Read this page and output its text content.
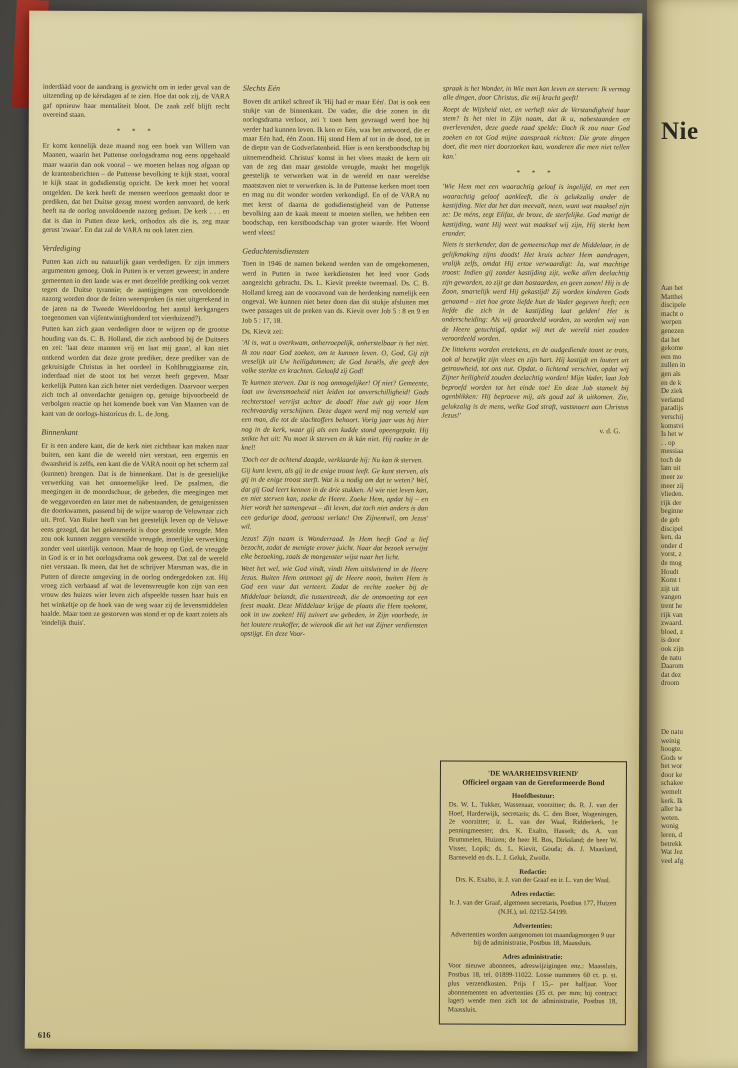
Nie
Aan het
Matthei
discipele
macht o
werpen
genezen
dat het
gekome
een mo
zullen in
gen als
en de k
De ziek
verlamd
paradijs
verschij
komstvi
Is het w
. . op
messiaa
toch de
lam uit
meer ze
meer zij
vlieden.
rijk der
beginne
de geb
discipel
ken, da
onder d
vorst, z
de mog
Houdt
Komt t
zijt uit
vangen
trent he
rijk van
zwaard.
bloed, z
is door
ook zijn
de natu
Daarom
dat dez
droom
De natu
weinig
hoogte.
Gods w
het wor
door ke
schakee
wemelt
kerk. Ik
aller ha
weten.
wonig
leren, d
betrekk
Wat Jez
veel afg

inderdáád voor de aandrang is gezwicht om in ieder geval van de uitzending op de kérsdagen af te zien. Hoe dat ook zij, de VARA gaf opnieuw haar mentaliteit bloot. De zaak zelf blijft recht overeind staan.

* * *

Er komt kennelijk deze maand nog een boek van Willem van Maanen, waarin het Puttense oorlogsdrama nog eens opgehaald maar waarin dan ook vooral – we moeten helaas nog afgaan op de krantenberichten – de Puttense bevolking te kijk staat, vooral te kijk staat in godsdienstig opzicht. De kerk moet het vooral ontgelden. De kerk heeft de mensen weerloos gemaakt door te prediken, dat het Duitse gezag moest worden aanvaard, de kerk heeft na de oorlog onvoldoende nazorg gedaan. De kerk . . . en dat is dan in Putten deze kerk, orthodox als die is, zeg maar gerust 'zwaar'. En dat zal de VARA nu ook laten zien.

Verdediging

Putten kan zich nu natuurlijk gaan verdedigen. Er zijn immers argumenten genoeg. Ook in Putten is er verzet geweest; in andere gemeenten in den lande was er met dezelfde prediking ook verzet tegen de Duitse tyrannie; de aantijgingen van onvoldoende nazorg worden door de feiten weersproken (is niet uitgerekend in de jaren na de Tweede Wereldoorlog het aantal kerkgangers toegenomen van vijfentwintighonderd tot vierduizend?).

Putten kan zich gaan verdedigen door te wijzen op de grootse houding van ds. C. B. Holland, die zich aanbood bij de Duitsers en zei: 'laat deze mannen vrij en laat mij gaan', al kan niet ontkend worden dat deze grote prediker, deze prediker van de gekruisigde Christus in het oordeel in Kohlbruggiaanse zin, inderdaad niet de stoot tot het verzet heeft gegeven. Maar kerkelijk Putten kan zich beter niet verdedigen. Daarvoor werpen zich toch al onverdachte getuigen op, getuige bijvoorbeeld de verbolgen reactie op het komende boek van Van Maanen van de kant van de oorlogs-historicus dr. L. de Jong.

Binnenkant

Er is een andere kant, die de kerk niet zichtbaar kan maken naar buiten, een kant die de wereld niet verstaat, een ergernis en dwaasheid is zelfs, een kant die de VARA nooit op het scherm zal (kunnen) brengen. Dat is de binnenkant. Dat is de geestelijke verwerking van het onnoemelijke leed. De psalmen, die meegingen in de moordschuur, de gebeden, die meegingen met de weggevoerden en later met de nabestaanden, de getuigenissen die doorkwamen, passend bij de wijze waarop de Veluwnaar zich uit. Prof. Van Ruler heeft van het geestelijk leven op de Veluwe eens gezegd, dat het gekenmerkt is door gestolde vreugde. Men zou ook kunnen zeggen verstilde vreugde, innerlijke verwerking zonder veel uiterlijk vertoon. Maar de hoop op God, de vreugde in God is er in het oorlogsdrama ook geweest. Dat zal de wereld niet verstaan. Ik meen, dat het de schrijver Marsman was, die in Putten of directe omgeving in de oorlog ondergedoken zat. Hij vroeg zich verbaasd af wat de levensvreugde kon zijn van een vrouw des huizes wier leven zich afspeelde tussen haar huis en het winkeltje op de hoek van de weg waar zij de levensmiddelen haalde. Maar toen ze gestorven was stond er op de kaart zoiets als 'eindelijk thuis'.

Slechts Eén

Boven dit artikel schreef ik 'Hij had er maar Eén'. Dat is ook een stukje van de binnenkant. De vader, die drie zonen in dit oorlogsdrama verloor, zei 't toen hem gevraagd werd hoe hij verder had kunnen leven. Ik ken er Eén, was het antwoord, die er maar Eén had, één Zoon. Hij stond Hem af tot in de dood, tot in de diepte van de Godverlatenheid. Hier is een kerstboodschap bij uitnemendheid. Christus' komst in het vlees maakt de kern uit van de zeg dan maar gestolde vreugde, maakt het mogelijk geestelijk te verwerken wat in de wereld en naar wereldse maatstaven niet te verwerken is. In de Puttense kerken moet toen en mag nu dit wonder worden verkondigd. En of de VARA nu met kerst of daarna de godsdienstigheid van de Puttense bevolking aan de kaak meent te moeten stellen, we hebben een boodschap, een kerstboodschap van groter waarde. Het Woord werd vlees!

Gedachtenisdiensten

Toen in 1946 de namen bekend werden van de omgekomenen, werd in Putten in twee kerkdiensten het leed voor Gods aangezicht gebracht. Ds. L. Kievit preekte tweemaal. Ds. C. B. Holland kreeg aan de vooravond van de herdenking namelijk een ongeval. We kunnen niet beter doen dan dit stukje afsluiten met twee passages uit de preken van ds. Kievit over Job 5 : 8 en 9 en Job 5 : 17, 18.

Ds. Kievit zei:

'Al is, wat u overkwam, onherroepelijk, onherstelbaar is het niet. Ik zou naar God zoeken, om te kunnen leven. O, God, Gij zijt vreselijk uit Uw heiligdommen; de God Israëls, die geeft den volke sterkte en krachten. Geloofd zij God!

Te kunnen sterven. Dat is nog onmogelijker! Of niet? Gemeente, laat uw levensmoeheid niet leiden tot onverschilligheid! Gods rechterstoel verrijst achter de dood! Hoe zult gij voor Hem rechtvaardig verschijnen. Deze dagen werd mij nog verteld van een man, die tot de slachtoffers behoort. Vorig jaar was hij hier nog in de kerk, waar gij als een kudde stond opeengepakt. Hij snikte het uit: Nu moet ik sterven en ik kán niet. Hij raakte in de knel!

'Doch eer de ochtend daagde, verklaarde hij: Nu kan ik sterven.

Gij kunt leven, als gij in de enige troost leeft. Ge kunt sterven, als gij in de enige troost sterft. Wat is u nodig om dat te weten? Wel, dat gij God leert kennen in de drie stukken. Al wie niet leven kan, en niet sterven kan, zoeke de Heere. Zoeke Hem, opdat hij – en hier wordt het samengevat – dit leven, dat toch niet anders is dan een gedurige dood, getroost verlate! Om Zijnentwil, om Jezus' wil.

Jezus! Zijn naam is Wonderraad. In Hem heeft God u lief bezocht, zodat de menigte erover juicht. Naar dat bezoek verwijst elke bezoeking, zoals de morgenster wijst naar het licht.

Weet het wel, wie God vindt, vindt Hem uitsluitend in de Heere Jezus. Buiten Hem ontmoet gij de Heere nooit, buiten Hem is God een vuur dat verteert. Zodat de rechte zoeker bij de Middelaar belandt, die tussentreedt, die de ontmoeting tot een feest maakt. Deze Middelaar krijge de plaats die Hem toekomt, ook in uw zoeken! Hij zuivert uw gebeden, in Zijn voorbede, in het loutere reukoffer, de wierook die uit het vat Zijner verdiensten opstijgt. En deze Voor-

spraak is het Wonder, in Wie men kan leven en sterven: Ik vermag alle dingen, door Christus, die mij kracht geeft!

Roept de Wijsheid niet, en verheft niet de Verstandigheid haar stem? Is het niet in Zijn naam, dat ik u, nabestaanden en overlevenden, deze goede raad spelde: Doch ik zou naar God zoeken en tot God mijne aanspraak richten: Die grote dingen doet, die men niet doorzoeken kan, wonderen die men niet tellen kan.'

* * *

'Wie Hem met een waarachtig geloof is ingelijfd, en met een waarachtig geloof aankleeft, die is gelukzalig onder de kastijding. Niet dat het dan meevalt, neen, want wat maaksel zijn ze: De méns, zegt Elifaz, de broze, de sterfelijke. God matigt de kastijding, want Hij weet wat maaksel wij zijn, Hij sterkt hem eronder.

Niets is sterkender, dan de gemeenschap met de Middelaar, in de gelijkmaking zijns doods! Het kruis achter Hem aandragen, vrolijk zelfs, omdat Hij ertoe verwaardigt: Ja, wat machtige troost: Indien gij zonder kastijding zijt, welke allen deelachtig zijn geworden, zo zijt ge dan bastaarden, en geen zonen! Hij is de Zoon, smartelijk werd Hij gekastijd! Zij worden kinderen Gods genaamd – ziet hoe grote liefde hun de Vader gegeven heeft; een liefde die zich in de kastijding laat gelden! Het is onderscheiding: Als wij geoordeeld worden, zo worden wij van de Heere getuchtigd, opdat wij met de wereld niet zouden veroordeeld worden.

De littekens worden eretekens, en de oudgediende toont ze trots, ook al bezwijkt zijn vlees en zijn hart. Hij kastijdt en loutert uit getrouwheid, tot ons nut. Opdat, o lichtend verschiet, opdat wij Zijner heiligheid zouden deelachtig worden! Mijn Vader, laat Job beproefd worden tot het einde toe! En deze Job stamelt bij ogenblikken: Hij beproeve mij, als goud zal ik uitkomen. Zie, gelukzalig is de mens, welke God straft, vastsnoert aan Christus Jezus!'

v. d. G.

'DE WAARHEIDSVRIEND'
Officieel orgaan van de Gereformeerde Bond
Hoofdbestuur:
Ds. W. L. Tukker, Wassenaar, voorzitter; ds. R. J. van der Hoef, Harderwijk, secretaris; ds. C. den Boer, Wageningen, 2e voorzitter; ir. L. van der Waal, Ridderkerk, 1e penningmeester; drs. K. Exalto, Hasselt; ds. A. van Brummelen, Huizen; de heer H. Bos, Dirksland; de heer W. Visser, Lopik; ds. L. Kievit, Gouda; ds. J. Maasland, Barneveld en ds. L. J. Geluk, Zwolle.
Redactie:
Drs. K. Exalto, ir. J. van der Graaf en ir. L. van der Waal.
Adres redactie:
Ir. J. van der Graaf, algemeen secretaris, Postbus 177, Huizen (N.H.), tel. 02152-54199.
Advertenties:
Advertenties worden aangenomen tot maandagmorgen 9 uur bij de administratie, Postbus 18, Maassluis.
Adres administratie:
Voor nieuwe abonnees, adreswijzigingen enz.: Maassluis, Postbus 18, tel. 01899-11022. Losse nummers 60 ct. p. st. plus verzendkosten. Prijs f 15,– per halfjaar. Voor abonnementen en advertenties (35 ct. per mm; bij contract lager) wende men zich tot de administratie, Postbus 18, Maassluis.
616
